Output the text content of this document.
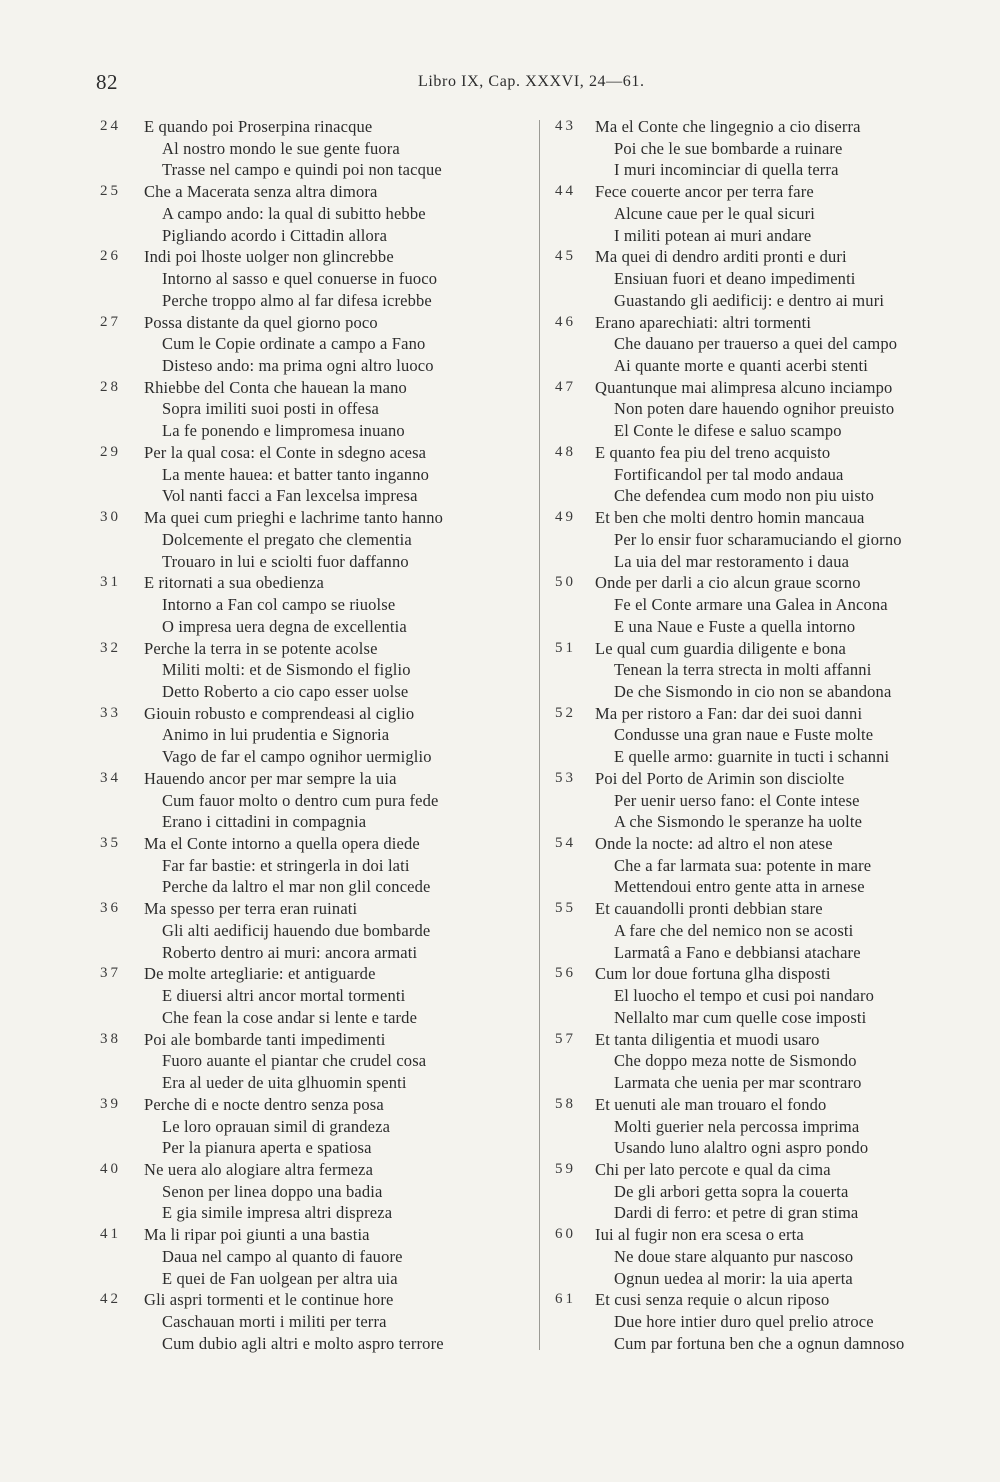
82	Libro IX, Cap. XXXVI, 24—61.
24 E quando poi Proserpina rinacque
Al nostro mondo le sue gente fuora
Trasse nel campo e quindi poi non tacque
25 Che a Macerata senza altra dimora
A campo ando: la qual di subitto hebbe
Pigliando acordo i Cittadin allora
26 Indi poi lhoste uolger non glincrebbe
Intorno al sasso e quel conuerse in fuoco
Perche troppo almo al far difesa icrebbe
27 Possa distante da quel giorno poco
Cum le Copie ordinate a campo a Fano
Disteso ando: ma prima ogni altro luoco
28 Rhiebbe del Conta che hauean la mano
Sopra imiliti suoi posti in offesa
La fe ponendo e limpromesa inuano
29 Per la qual cosa: el Conte in sdegno acesa
La mente hauea: et batter tanto inganno
Vol nanti facci a Fan lexcelsa impresa
30 Ma quei cum prieghi e lachrime tanto hanno
Dolcemente el pregato che clementia
Trouaro in lui e sciolti fuor daffanno
31 E ritornati a sua obedienza
Intorno a Fan col campo se riuolse
O impresa uera degna de excellentia
32 Perche la terra in se potente acolse
Militi molti: et de Sismondo el figlio
Detto Roberto a cio capo esser uolse
33 Giouin robusto e comprendeasi al ciglio
Animo in lui prudentia e Signoria
Vago de far el campo ognihor uermiglio
34 Hauendo ancor per mar sempre la uia
Cum fauor molto o dentro cum pura fede
Erano i cittadini in compagnia
35 Ma el Conte intorno a quella opera diede
Far far bastie: et stringerla in doi lati
Perche da laltro el mar non glil concede
36 Ma spesso per terra eran ruinati
Gli alti aedificij hauendo due bombarde
Roberto dentro ai muri: ancora armati
37 De molte artegliarie: et antiguarde
E diuersi altri ancor mortal tormenti
Che fean la cose andar si lente e tarde
38 Poi ale bombarde tanti impedimenti
Fuoro auante el piantar che crudel cosa
Era al ueder de uita glhuomin spenti
39 Perche di e nocte dentro senza posa
Le loro oprauan simil di grandeza
Per la pianura aperta e spatiosa
40 Ne uera alo alogiare altra fermeza
Senon per linea doppo una badia
E gia simile impresa altri dispreza
41 Ma li ripar poi giunti a una bastia
Daua nel campo al quanto di fauore
E quei de Fan uolgean per altra uia
42 Gli aspri tormenti et le continue hore
Caschauan morti i militi per terra
Cum dubio agli altri e molto aspro terrore
43 Ma el Conte che lingegnio a cio diserra
Poi che le sue bombarde a ruinare
I muri incominciar di quella terra
44 Fece couerte ancor per terra fare
Alcune caue per le qual sicuri
I militi potean ai muri andare
45 Ma quei di dendro arditi pronti e duri
Ensiuan fuori et deano impedimenti
Guastando gli aedificij: e dentro ai muri
46 Erano aparechiati: altri tormenti
Che dauano per trauerso a quei del campo
Ai quante morte e quanti acerbi stenti
47 Quantunque mai alimpresa alcuno inciampo
Non poten dare hauendo ognihor preuisto
El Conte le difese e saluo scampo
48 E quanto fea piu del treno acquisto
Fortificandol per tal modo andaua
Che defendea cum modo non piu uisto
49 Et ben che molti dentro homin mancaua
Per lo ensir fuor scharamuciando el giorno
La uia del mar restoramento i daua
50 Onde per darli a cio alcun graue scorno
Fe el Conte armare una Galea in Ancona
E una Naue e Fuste a quella intorno
51 Le qual cum guardia diligente e bona
Tenean la terra strecta in molti affanni
De che Sismondo in cio non se abandona
52 Ma per ristoro a Fan: dar dei suoi danni
Condusse una gran naue e Fuste molte
E quelle armo: guarnite in tucti i schanni
53 Poi del Porto de Arimin son disciolte
Per uenir uerso fano: el Conte intese
A che Sismondo le speranze ha uolte
54 Onde la nocte: ad altro el non atese
Che a far larmata sua: potente in mare
Mettendoui entro gente atta in arnese
55 Et cauandolli pronti debbian stare
A fare che del nemico non se acosti
Larmatâ a Fano e debbiansi atachare
56 Cum lor doue fortuna glha disposti
El luocho el tempo et cusi poi nandaro
Nellalto mar cum quelle cose imposti
57 Et tanta diligentia et muodi usaro
Che doppo meza notte de Sismondo
Larmata che uenia per mar scontraro
58 Et uenuti ale man trouaro el fondo
Molti guerier nela percossa imprima
Usando luno alaltro ogni aspro pondo
59 Chi per lato percote e qual da cima
De gli arbori getta sopra la couerta
Dardi di ferro: et petre di gran stima
60 Iui al fugir non era scesa o erta
Ne doue stare alquanto pur nascoso
Ognun uedea al morir: la uia aperta
61 Et cusi senza requie o alcun riposo
Due hore intier duro quel prelio atroce
Cum par fortuna ben che a ognun damnoso
